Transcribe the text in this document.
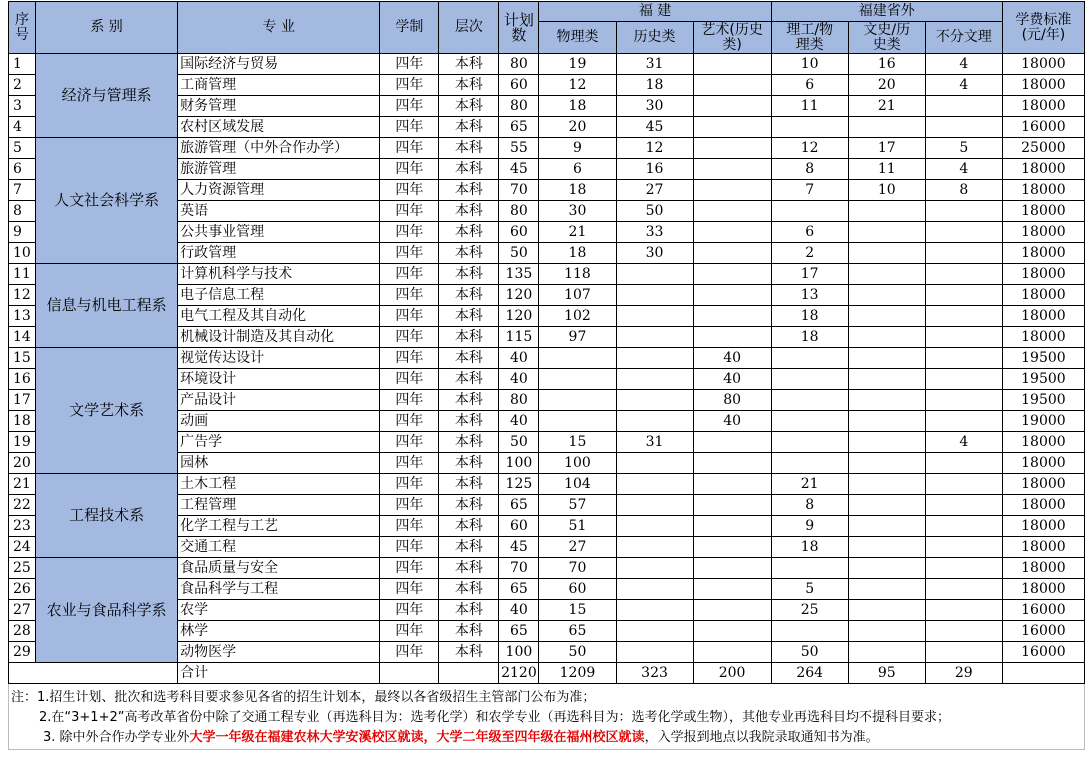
序号	系 别	专 业	学制	层次	计划数	福 建			福建省外			学费标准(元/年)
						物理类	历史类	艺术(历史类)	理工/物理类	文史/历史类	不分文理	
1	经济与管理系	国际经济与贸易	四年	本科	80	19	31		10	16	4	18000
2		工商管理	四年	本科	60	12	18		6	20	4	18000
3		财务管理	四年	本科	80	18	30		11	21		18000
4		农村区域发展	四年	本科	65	20	45					16000
5	人文社会科学系	旅游管理（中外合作办学）	四年	本科	55	9	12		12	17	5	25000
6		旅游管理	四年	本科	45	6	16		8	11	4	18000
7		人力资源管理	四年	本科	70	18	27		7	10	8	18000
8		英语	四年	本科	80	30	50					18000
9		公共事业管理	四年	本科	60	21	33		6			18000
10		行政管理	四年	本科	50	18	30		2			18000
11	信息与机电工程系	计算机科学与技术	四年	本科	135	118			17			18000
12		电子信息工程	四年	本科	120	107			13			18000
13		电气工程及其自动化	四年	本科	120	102			18			18000
14		机械设计制造及其自动化	四年	本科	115	97			18			18000
15	文学艺术系	视觉传达设计	四年	本科	40			40				19500
16		环境设计	四年	本科	40			40				19500
17		产品设计	四年	本科	80			80				19500
18		动画	四年	本科	40			40				19000
19		广告学	四年	本科	50	15	31				4	18000
20		园林	四年	本科	100	100						18000
21	工程技术系	土木工程	四年	本科	125	104			21			18000
22		工程管理	四年	本科	65	57			8			18000
23		化学工程与工艺	四年	本科	60	51			9			18000
24		交通工程	四年	本科	45	27			18			18000
25	农业与食品科学系	食品质量与安全	四年	本科	70	70						18000
26		食品科学与工程	四年	本科	65	60			5			18000
27		农学	四年	本科	40	15			25			16000
28		林学	四年	本科	65	65						16000
29		动物医学	四年	本科	100	50			50			16000
		合计			2120	1209	323	200	264	95	29	
注：1.招生计划、批次和选考科目要求参见各省的招生计划本，最终以各省级招生主管部门公布为准；
2.在“3+1+2”高考改革省份中除了交通工程专业（再选科目为：选考化学）和农学专业（再选科目为：选考化学或生物），其他专业再选科目均不提科目要求；
3. 除中外合作办学专业外大学一年级在福建农林大学安溪校区就读，大学二年级至四年级在福州校区就读，入学报到地点以我院录取通知书为准。
